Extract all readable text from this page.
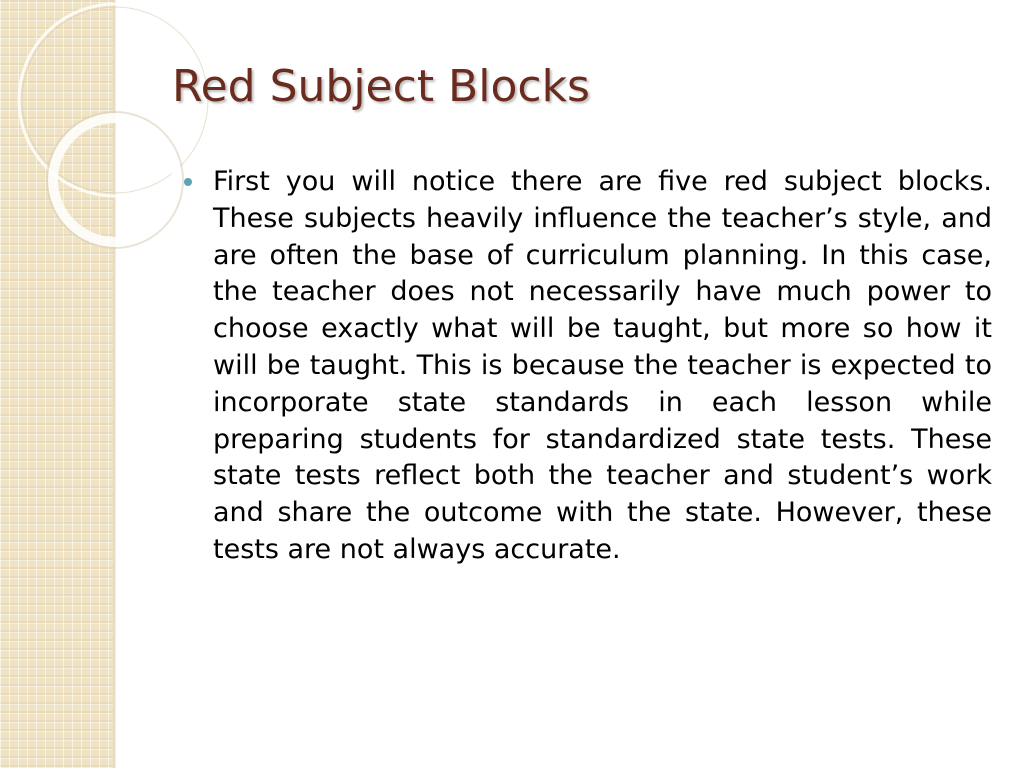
Red Subject Blocks
First you will notice there are five red subject blocks. These subjects heavily influence the teacher’s style, and are often the base of curriculum planning. In this case, the teacher does not necessarily have much power to choose exactly what will be taught, but more so how it will be taught. This is because the teacher is expected to incorporate state standards in each lesson while preparing students for standardized state tests. These state tests reflect both the teacher and student’s work and share the outcome with the state. However, these tests are not always accurate.
